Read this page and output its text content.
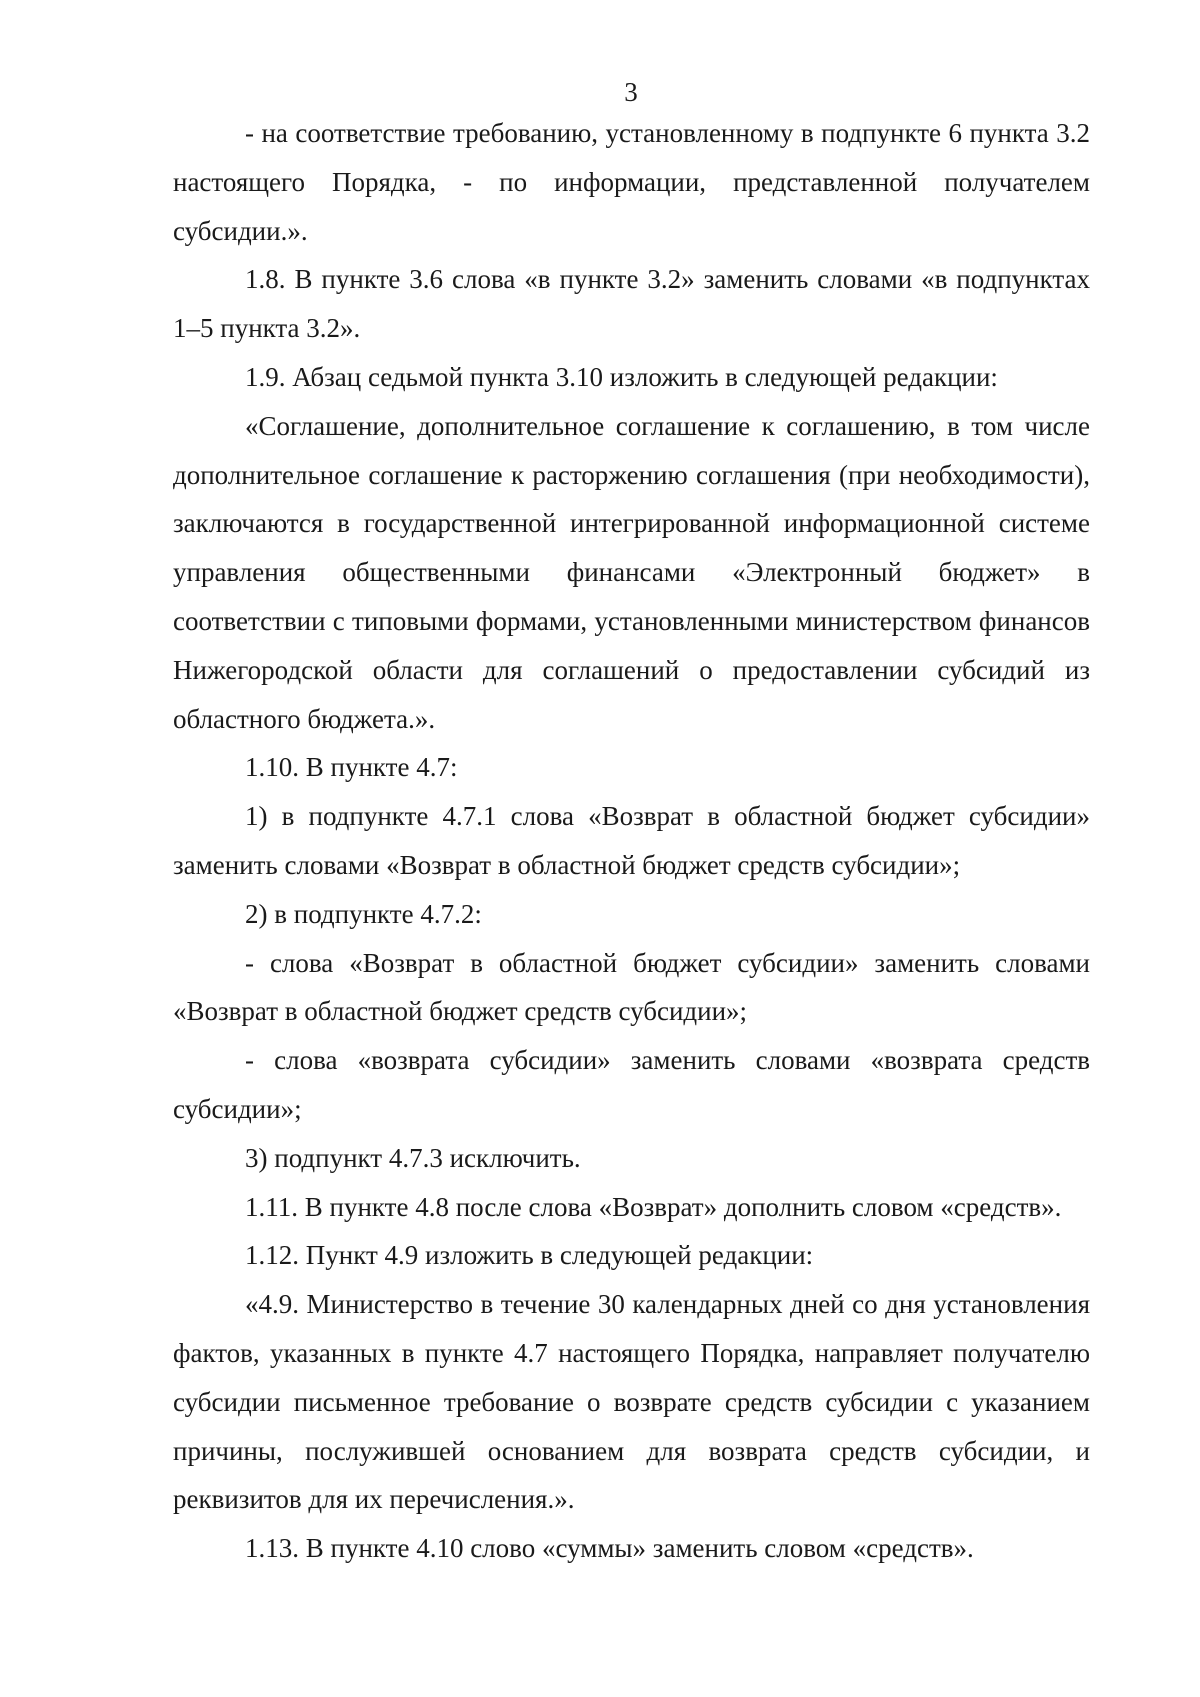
3

- на соответствие требованию, установленному в подпункте 6 пункта 3.2 настоящего Порядка, - по информации, представленной получателем субсидии.».

1.8. В пункте 3.6 слова «в пункте 3.2» заменить словами «в подпунктах 1–5 пункта 3.2».

1.9. Абзац седьмой пункта 3.10 изложить в следующей редакции:

«Соглашение, дополнительное соглашение к соглашению, в том числе дополнительное соглашение к расторжению соглашения (при необходимости), заключаются в государственной интегрированной информационной системе управления общественными финансами «Электронный бюджет» в соответствии с типовыми формами, установленными министерством финансов Нижегородской области для соглашений о предоставлении субсидий из областного бюджета.».

1.10. В пункте 4.7:

1) в подпункте 4.7.1 слова «Возврат в областной бюджет субсидии» заменить словами «Возврат в областной бюджет средств субсидии»;

2) в подпункте 4.7.2:

- слова «Возврат в областной бюджет субсидии» заменить словами «Возврат в областной бюджет средств субсидии»;

- слова «возврата субсидии» заменить словами «возврата средств субсидии»;

3) подпункт 4.7.3 исключить.

1.11. В пункте 4.8 после слова «Возврат» дополнить словом «средств».

1.12. Пункт 4.9 изложить в следующей редакции:

«4.9. Министерство в течение 30 календарных дней со дня установления фактов, указанных в пункте 4.7 настоящего Порядка, направляет получателю субсидии письменное требование о возврате средств субсидии с указанием причины, послужившей основанием для возврата средств субсидии, и реквизитов для их перечисления.».

1.13. В пункте 4.10 слово «суммы» заменить словом «средств».
